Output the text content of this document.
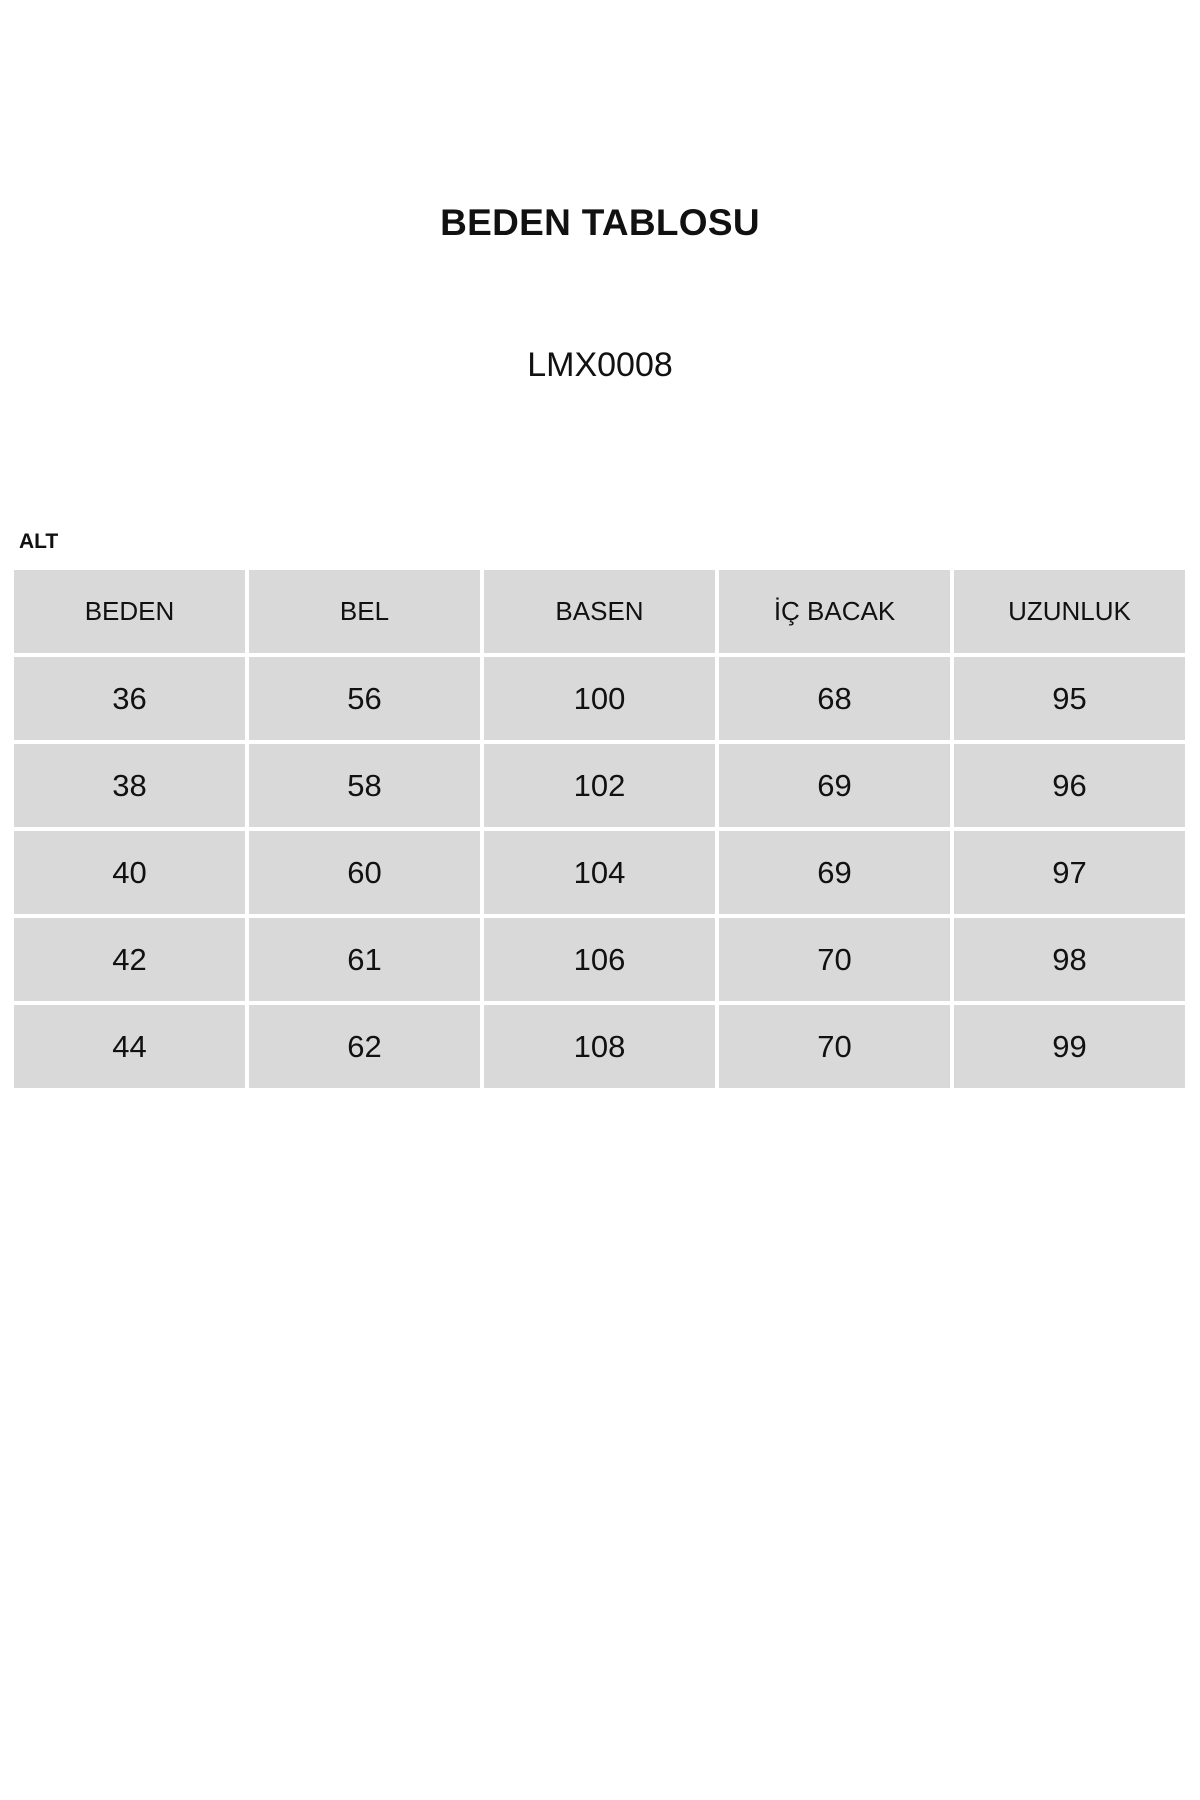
BEDEN TABLOSU
LMX0008
ALT
BEDEN	BEL	BASEN	İÇ BACAK	UZUNLUK
36	56	100	68	95
38	58	102	69	96
40	60	104	69	97
42	61	106	70	98
44	62	108	70	99
